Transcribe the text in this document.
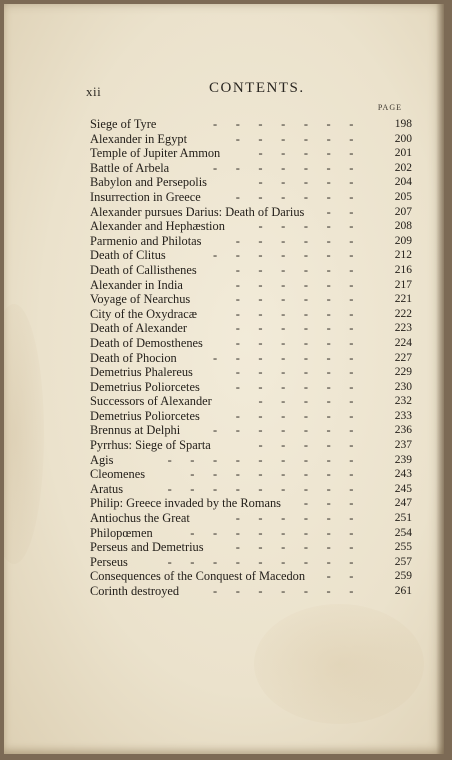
xii	CONTENTS.
PAGE
Siege of Tyre	-  -  -  -  -  -  -  	198
Alexander in Egypt	-  -  -  -  -  -  	200
Temple of Jupiter Ammon	-  -  -  -  -  	201
Battle of Arbela	-  -  -  -  -  -  -  	202
Babylon and Persepolis	-  -  -  -  -  	204
Insurrection in Greece	-  -  -  -  -  -  	205
Alexander pursues Darius: Death of Darius	-  -  	207
Alexander and Hephæstion	-  -  -  -  -  	208
Parmenio and Philotas	-  -  -  -  -  -  	209
Death of Clitus	-  -  -  -  -  -  -  	212
Death of Callisthenes	-  -  -  -  -  -  	216
Alexander in India	-  -  -  -  -  -  	217
Voyage of Nearchus	-  -  -  -  -  -  	221
City of the Oxydracæ	-  -  -  -  -  -  	222
Death of Alexander	-  -  -  -  -  -  	223
Death of Demosthenes	-  -  -  -  -  -  	224
Death of Phocion	-  -  -  -  -  -  -  	227
Demetrius Phalereus	-  -  -  -  -  -  	229
Demetrius Poliorcetes	-  -  -  -  -  -  	230
Successors of Alexander	-  -  -  -  -  	232
Demetrius Poliorcetes	-  -  -  -  -  -  	233
Brennus at Delphi	-  -  -  -  -  -  -  	236
Pyrrhus: Siege of Sparta	-  -  -  -  -  	237
Agis	-  -  -  -  -  -  -  -  -  	239
Cleomenes	-  -  -  -  -  -  -  -  	243
Aratus	-  -  -  -  -  -  -  -  -  	245
Philip: Greece invaded by the Romans	-  -  -  	247
Antiochus the Great	-  -  -  -  -  -  	251
Philopœmen	-  -  -  -  -  -  -  -  	254
Perseus and Demetrius	-  -  -  -  -  -  	255
Perseus	-  -  -  -  -  -  -  -  -  	257
Consequences of the Conquest of Macedon	-  -  	259
Corinth destroyed	-  -  -  -  -  -  -  	261
